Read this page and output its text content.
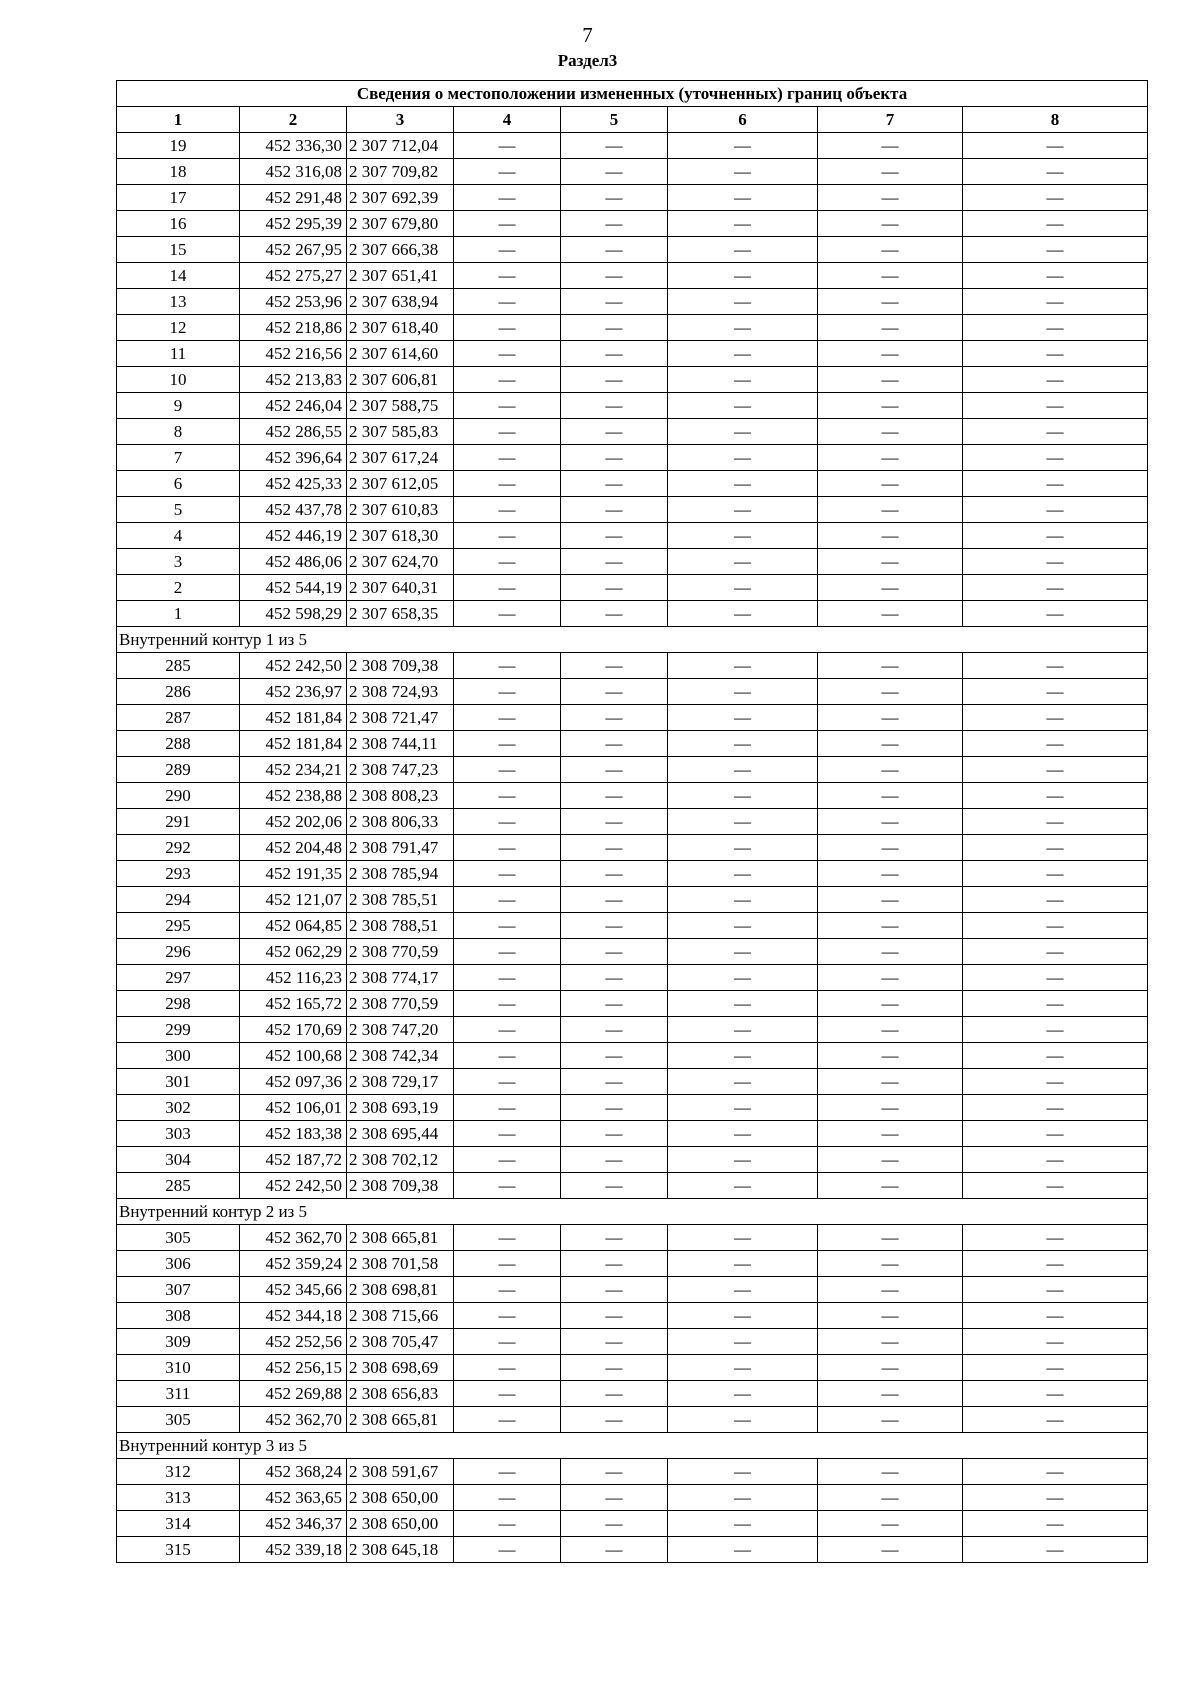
7
Раздел3
Сведения о местоположении измененных (уточненных) границ объекта							
1	2	3	4	5	6	7	8
19	452 336,30	2 307 712,04	—	—	—	—	—
18	452 316,08	2 307 709,82	—	—	—	—	—
17	452 291,48	2 307 692,39	—	—	—	—	—
16	452 295,39	2 307 679,80	—	—	—	—	—
15	452 267,95	2 307 666,38	—	—	—	—	—
14	452 275,27	2 307 651,41	—	—	—	—	—
13	452 253,96	2 307 638,94	—	—	—	—	—
12	452 218,86	2 307 618,40	—	—	—	—	—
11	452 216,56	2 307 614,60	—	—	—	—	—
10	452 213,83	2 307 606,81	—	—	—	—	—
9	452 246,04	2 307 588,75	—	—	—	—	—
8	452 286,55	2 307 585,83	—	—	—	—	—
7	452 396,64	2 307 617,24	—	—	—	—	—
6	452 425,33	2 307 612,05	—	—	—	—	—
5	452 437,78	2 307 610,83	—	—	—	—	—
4	452 446,19	2 307 618,30	—	—	—	—	—
3	452 486,06	2 307 624,70	—	—	—	—	—
2	452 544,19	2 307 640,31	—	—	—	—	—
1	452 598,29	2 307 658,35	—	—	—	—	—
Внутренний контур 1 из 5							
285	452 242,50	2 308 709,38	—	—	—	—	—
286	452 236,97	2 308 724,93	—	—	—	—	—
287	452 181,84	2 308 721,47	—	—	—	—	—
288	452 181,84	2 308 744,11	—	—	—	—	—
289	452 234,21	2 308 747,23	—	—	—	—	—
290	452 238,88	2 308 808,23	—	—	—	—	—
291	452 202,06	2 308 806,33	—	—	—	—	—
292	452 204,48	2 308 791,47	—	—	—	—	—
293	452 191,35	2 308 785,94	—	—	—	—	—
294	452 121,07	2 308 785,51	—	—	—	—	—
295	452 064,85	2 308 788,51	—	—	—	—	—
296	452 062,29	2 308 770,59	—	—	—	—	—
297	452 116,23	2 308 774,17	—	—	—	—	—
298	452 165,72	2 308 770,59	—	—	—	—	—
299	452 170,69	2 308 747,20	—	—	—	—	—
300	452 100,68	2 308 742,34	—	—	—	—	—
301	452 097,36	2 308 729,17	—	—	—	—	—
302	452 106,01	2 308 693,19	—	—	—	—	—
303	452 183,38	2 308 695,44	—	—	—	—	—
304	452 187,72	2 308 702,12	—	—	—	—	—
285	452 242,50	2 308 709,38	—	—	—	—	—
Внутренний контур 2 из 5							
305	452 362,70	2 308 665,81	—	—	—	—	—
306	452 359,24	2 308 701,58	—	—	—	—	—
307	452 345,66	2 308 698,81	—	—	—	—	—
308	452 344,18	2 308 715,66	—	—	—	—	—
309	452 252,56	2 308 705,47	—	—	—	—	—
310	452 256,15	2 308 698,69	—	—	—	—	—
311	452 269,88	2 308 656,83	—	—	—	—	—
305	452 362,70	2 308 665,81	—	—	—	—	—
Внутренний контур 3 из 5							
312	452 368,24	2 308 591,67	—	—	—	—	—
313	452 363,65	2 308 650,00	—	—	—	—	—
314	452 346,37	2 308 650,00	—	—	—	—	—
315	452 339,18	2 308 645,18	—	—	—	—	—
